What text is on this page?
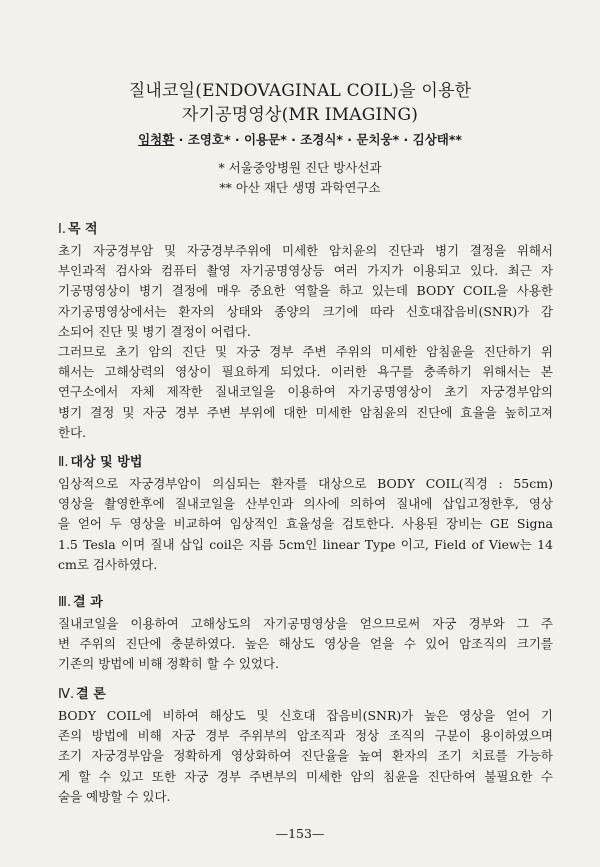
질내코일(ENDOVAGINAL COIL)을 이용한
자기공명영상(MR IMAGING)
임청환 · 조영호* · 이용문* · 조경식* · 문치웅* · 김상태**
* 서울중앙병원 진단 방사선과
** 아산 재단 생명 과학연구소
Ⅰ. 목 적
초기 자궁경부암 및 자궁경부주위에 미세한 암치윤의 진단과 병기 결정을 위해서
부인과적 검사와 컴퓨터 촬영 자기공명영상등 여러 가지가 이용되고 있다. 최근 자
기공명영상이 병기 결정에 매우 중요한 역할을 하고 있는데 BODY COIL을 사용한
자기공명영상에서는 환자의 상태와 종양의 크기에 따라 신호대잡음비(SNR)가 감
소되어 진단 및 병기 결정이 어렵다.
그러므로 초기 암의 진단 및 자궁 경부 주변 주위의 미세한 암침윤을 진단하기 위
해서는 고해상력의 영상이 필요하게 되었다. 이러한 욕구를 충족하기 위해서는 본
연구소에서 자체 제작한 질내코일을 이용하여 자기공명영상이 초기 자궁경부암의
병기 결정 및 자궁 경부 주변 부위에 대한 미세한 암침윤의 진단에 효율을 높히고져
한다.
Ⅱ. 대상 및 방법
임상적으로 자궁경부암이 의심되는 환자를 대상으로 BODY COIL(직경 : 55cm)
영상을 촬영한후에 질내코일을 산부인과 의사에 의하여 질내에 삽입고정한후, 영상
을 얻어 두 영상을 비교하여 임상적인 효율성을 검토한다. 사용된 장비는 GE Signa
1.5 Tesla 이며 질내 삽입 coil은 지름 5cm인 linear Type 이고, Field of View는 14
cm로 검사하였다.
Ⅲ. 결 과
질내코일을 이용하여 고해상도의 자기공명영상을 얻으므로써 자궁 경부와 그 주
변 주위의 진단에 충분하였다. 높은 해상도 영상을 얻을 수 있어 암조직의 크기를
기존의 방법에 비해 정확히 할 수 있었다.
Ⅳ. 결 론
BODY COIL에 비하여 해상도 및 신호대 잡음비(SNR)가 높은 영상을 얻어 기
존의 방법에 비해 자궁 경부 주위부의 암조직과 정상 조직의 구분이 용이하였으며
조기 자궁경부암을 정확하게 영상화하여 진단율을 높여 환자의 조기 치료를 가능하
게 할 수 있고 또한 자궁 경부 주변부의 미세한 암의 침윤을 진단하여 불필요한 수
술을 예방할 수 있다.
—153—
